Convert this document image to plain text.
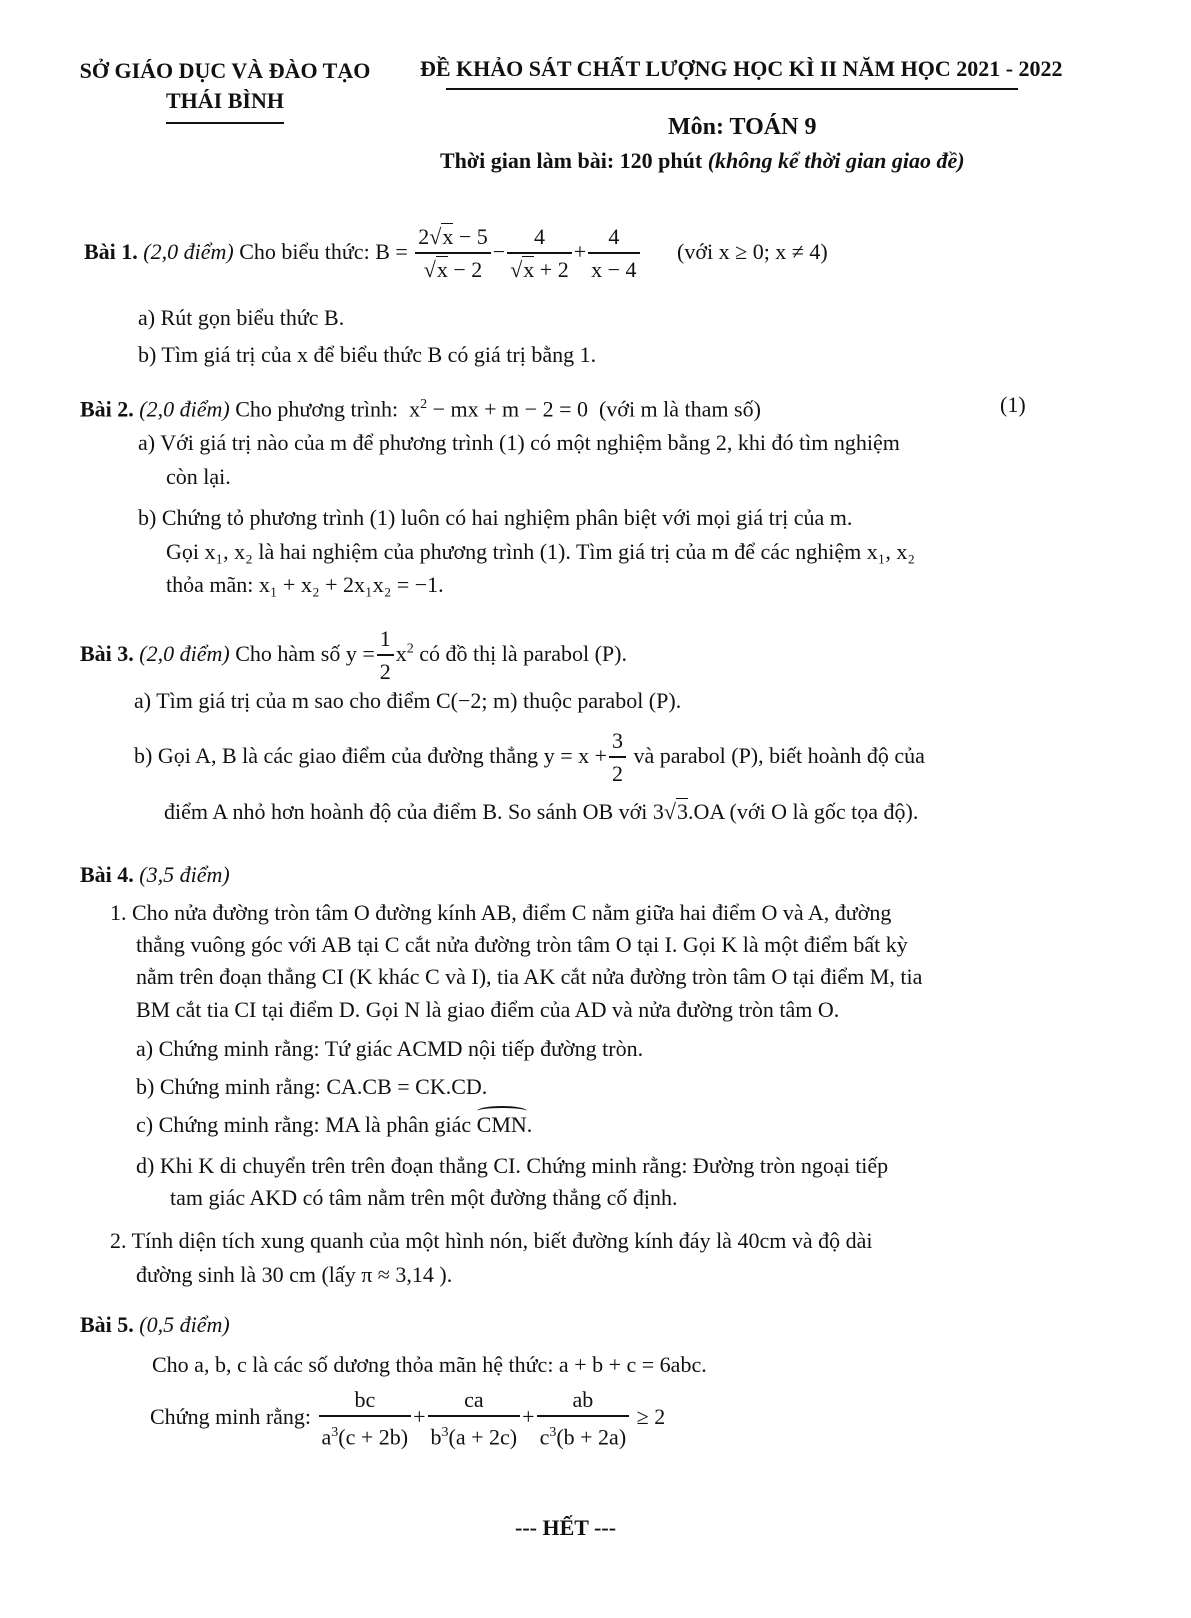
SỞ GIÁO DỤC VÀ ĐÀO TẠO
THÁI BÌNH
ĐỀ KHẢO SÁT CHẤT LƯỢNG HỌC KÌ II NĂM HỌC 2021 - 2022
Môn: TOÁN 9
Thời gian làm bài: 120 phút (không kể thời gian giao đề)
Bài 1. (2,0 điểm) Cho biểu thức: $B = \frac{2√x - 5}{√x - 2} - \frac{4}{√x + 2} + \frac{4}{x - 4}$ (với x ≥ 0; x ≠ 4)
a) Rút gọn biểu thức B.
b) Tìm giá trị của x để biểu thức B có giá trị bằng 1.
Bài 2. (2,0 điểm) Cho phương trình: $x^2$ − mx + m − 2 = 0 (với m là tham số)	(1)
a) Với giá trị nào của m để phương trình (1) có một nghiệm bằng 2, khi đó tìm nghiệm
còn lại.
b) Chứng tỏ phương trình (1) luôn có hai nghiệm phân biệt với mọi giá trị của m.
Gọi x₁, x₂ là hai nghiệm của phương trình (1). Tìm giá trị của m để các nghiệm x₁, x₂
thỏa mãn: x₁ + x₂ + 2x₁x₂ = −1.
Bài 3. (2,0 điểm) Cho hàm số $y = \frac{1}{2} x^2$ có đồ thị là parabol (P).
a) Tìm giá trị của m sao cho điểm C(−2; m) thuộc parabol (P).
b) Gọi A, B là các giao điểm của đường thẳng $y = x + \frac{3}{2}$ và parabol (P), biết hoành độ của
điểm A nhỏ hơn hoành độ của điểm B. So sánh OB với 3√3.OA (với O là gốc tọa độ).
Bài 4. (3,5 điểm)
1. Cho nửa đường tròn tâm O đường kính AB, điểm C nằm giữa hai điểm O và A, đường
thẳng vuông góc với AB tại C cắt nửa đường tròn tâm O tại I. Gọi K là một điểm bất kỳ
nằm trên đoạn thẳng CI (K khác C và I), tia AK cắt nửa đường tròn tâm O tại điểm M, tia
BM cắt tia CI tại điểm D. Gọi N là giao điểm của AD và nửa đường tròn tâm O.
a) Chứng minh rằng: Tứ giác ACMD nội tiếp đường tròn.
b) Chứng minh rằng: CA.CB = CK.CD.
c) Chứng minh rằng: MA là phân giác CMN.
d) Khi K di chuyển trên trên đoạn thẳng CI. Chứng minh rằng: Đường tròn ngoại tiếp
tam giác AKD có tâm nằm trên một đường thẳng cố định.
2. Tính diện tích xung quanh của một hình nón, biết đường kính đáy là 40cm và độ dài
đường sinh là 30 cm (lấy π ≈ 3,14 ).
Bài 5. (0,5 điểm)
Cho a, b, c là các số dương thỏa mãn hệ thức: a + b + c = 6abc.
Chứng minh rằng: $\frac{bc}{a^3(c + 2b)} + \frac{ca}{b^3(a + 2c)} + \frac{ab}{c^3(b + 2a)} \ge 2$
--- HẾT ---
